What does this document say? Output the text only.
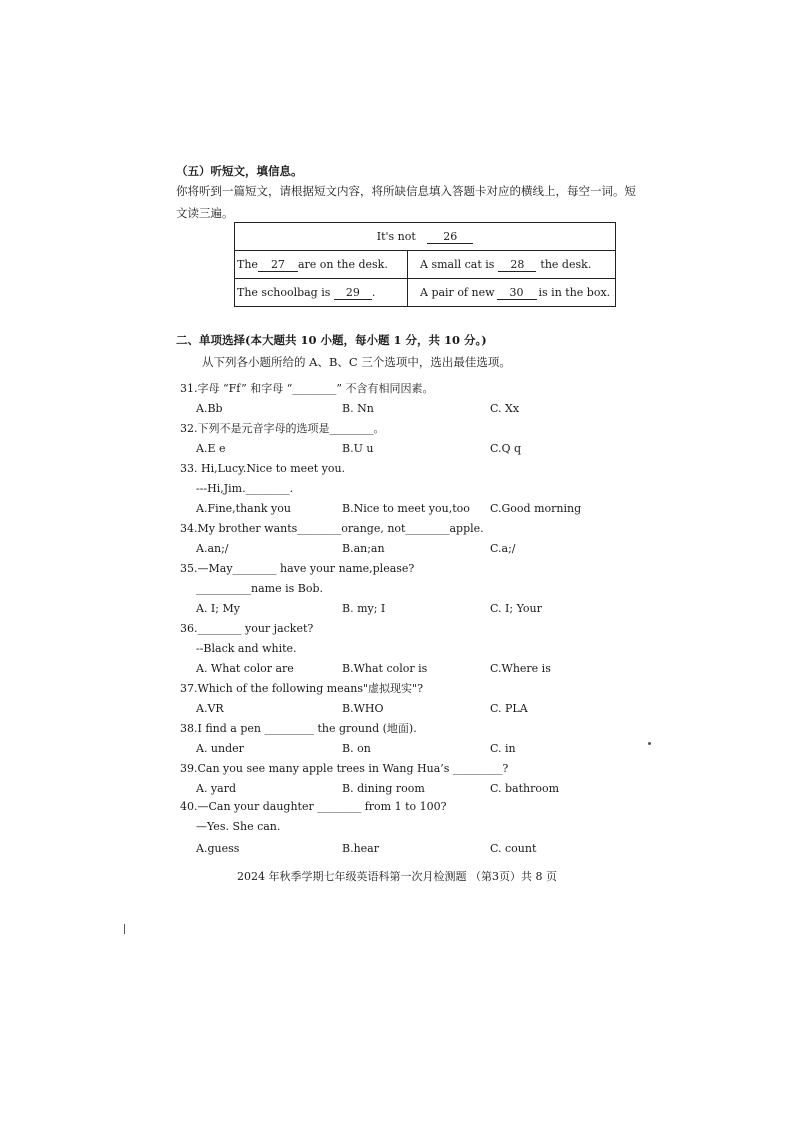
（五）听短文，填信息。
你将听到一篇短文，请根据短文内容，将所缺信息填入答题卡对应的横线上，每空一词。短文读三遍。
It's not 26	
The 27 are on the desk.	A small cat is 28 the desk.
The schoolbag is 29 .	A pair of new 30 is in the box.
二、单项选择(本大题共 10 小题，每小题 1 分，共 10 分。)
从下列各小题所给的 A、B、C 三个选项中，选出最佳选项。
31.字母 “Ff” 和字母 “________” 不含有相同因素。
A.Bb	B. Nn	C. Xx
32.下列不是元音字母的选项是________。
A.E e	B.U u	C.Q q
33. Hi,Lucy.Nice to meet you.
---Hi,Jim.________.
A.Fine,thank you	B.Nice to meet you,too C.Good morning
34.My brother wants________orange, not________apple.
A.an;/	B.an;an	C.a;/
35.—May________ have your name,please?
__________name is Bob.
A. I; My	B. my; I	C. I; Your
36.________ your jacket?
--Black and white.
A. What color are	B.What color is	C.Where is
37.Which of the following means"虚拟现实"?
A.VR	B.WHO	C. PLA
38.I find a pen _________ the ground (地面).
A. under	B. on	C. in
39.Can you see many apple trees in Wang Hua’s _________?
A. yard	B. dining room	C. bathroom
40.—Can your daughter ________ from 1 to 100?
—Yes. She can.
A.guess	B.hear	C. count
2024 年秋季学期七年级英语科第一次月检测题 （第3页）共 8 页
